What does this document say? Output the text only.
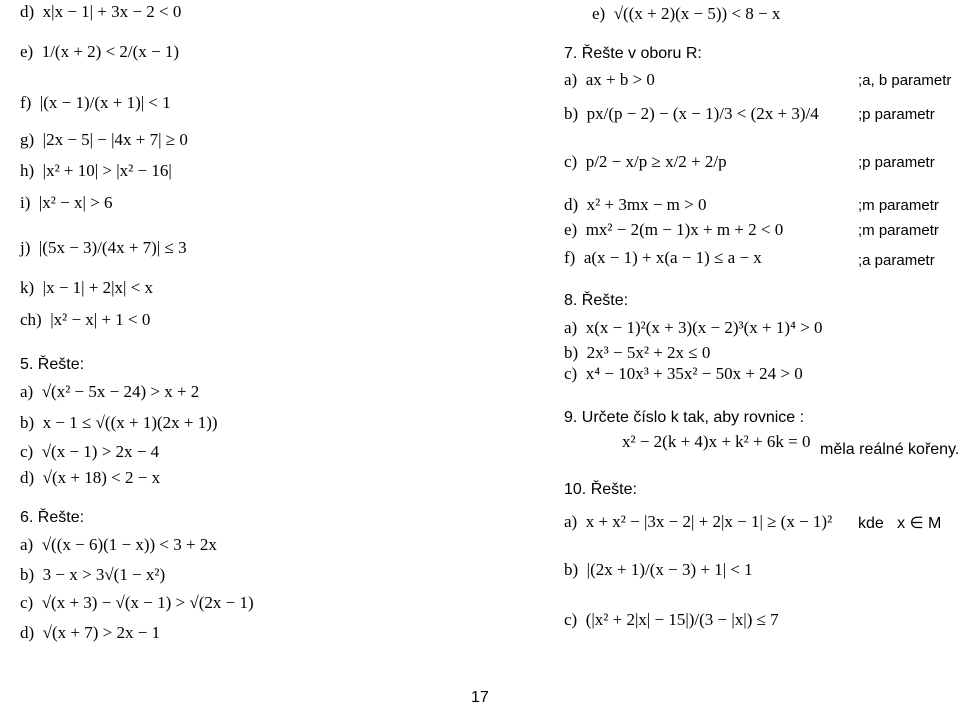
d)  x|x − 1| + 3x − 2 < 0
e)  1/(x + 2) < 2/(x − 1)
f)  |(x − 1)/(x + 1)| < 1
g)  |2x − 5| − |4x + 7| ≥ 0
h)  |x² + 10| > |x² − 16|
i)  |x² − x| > 6
j)  |(5x − 3)/(4x + 7)| ≤ 3
k)  |x − 1| + 2|x| < x
ch)  |x² − x| + 1 < 0
5. Řešte:
a)  √(x² − 5x − 24) > x + 2
b)  x − 1 ≤ √((x + 1)(2x + 1))
c)  √(x − 1) > 2x − 4
d)  √(x + 18) < 2 − x
6. Řešte:
a)  √((x − 6)(1 − x)) < 3 + 2x
b)  3 − x > 3√(1 − x²)
c)  √(x + 3) − √(x − 1) > √(2x − 1)
d)  √(x + 7) > 2x − 1
e)  √((x + 2)(x − 5)) < 8 − x
7. Řešte v oboru R:
a)  ax + b > 0	;a, b parametr
b)  px/(p − 2) − (x − 1)/3 < (2x + 3)/4	;p parametr
c)  p/2 − x/p ≥ x/2 + 2/p	;p parametr
d)  x² + 3mx − m > 0	;m parametr
e)  mx² − 2(m − 1)x + m + 2 < 0	;m parametr
f)  a(x − 1) + x(a − 1) ≤ a − x	;a parametr
8. Řešte:
a)  x(x − 1)²(x + 3)(x − 2)³(x + 1)⁴ > 0
b)  2x³ − 5x² + 2x ≤ 0
c)  x⁴ − 10x³ + 35x² − 50x + 24 > 0
9. Určete číslo k tak, aby rovnice :
x² − 2(k + 4)x + k² + 6k = 0 měla reálné kořeny.
10. Řešte:
a)  x + x² − |3x − 2| + 2|x − 1| ≥ (x − 1)² kde   x ∈ M
b)  |(2x + 1)/(x − 3) + 1| < 1
c)  (|x² + 2|x| − 15|)/(3 − |x|) ≤ 7
17
